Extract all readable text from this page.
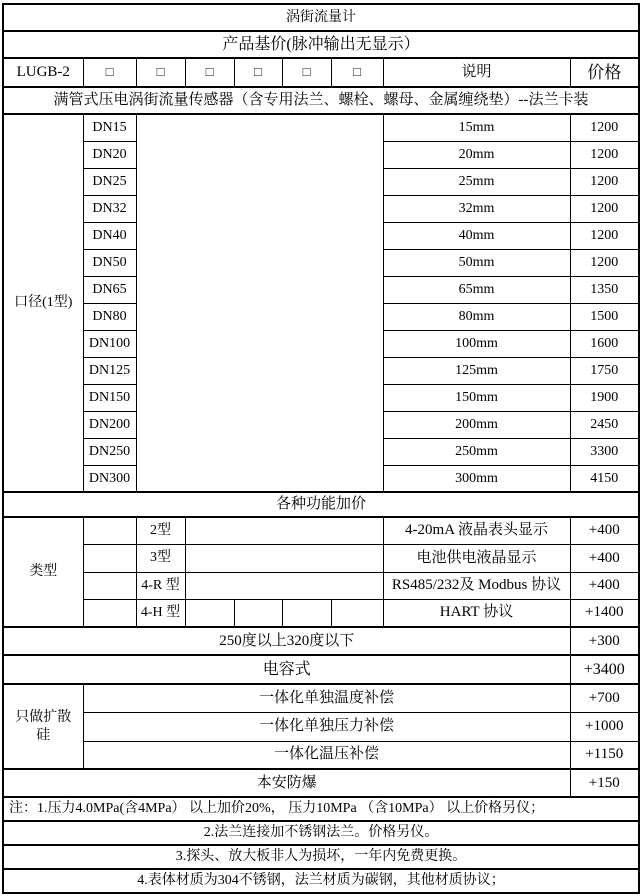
涡街流量计								
产品基价(脉冲输出无显示）								
LUGB-2	□	□	□	□	□	□	说明	价格
满管式压电涡街流量传感器（含专用法兰、螺栓、螺母、金属缠绕垫）--法兰卡装								
口径(1型)	DN15						15mm	1200
	DN20						20mm	1200
	DN25						25mm	1200
	DN32						32mm	1200
	DN40						40mm	1200
	DN50						50mm	1200
	DN65						65mm	1350
	DN80						80mm	1500
	DN100						100mm	1600
	DN125						125mm	1750
	DN150						150mm	1900
	DN200						200mm	2450
	DN250						250mm	3300
	DN300						300mm	4150
各种功能加价								
类型		2型					4-20mA 液晶表头显示	+400
		3型					电池供电液晶显示	+400
		4-R 型					RS485/232及 Modbus 协议	+400
		4-H 型					HART 协议	+1400
250度以上320度以下								+300
电容式								+3400
只做扩散硅	一体化单独温度补偿							+700
	一体化单独压力补偿							+1000
	一体化温压补偿							+1150
本安防爆								+150
注：1.压力4.0MPa(含4MPa） 以上加价20%， 压力10MPa （含10MPa） 以上价格另仪；								
2.法兰连接加不锈钢法兰。价格另仪。								
3.探头、放大板非人为损坏，一年内免费更换。								
4.表体材质为304不锈钢，法兰材质为碳钢，其他材质协议；								
